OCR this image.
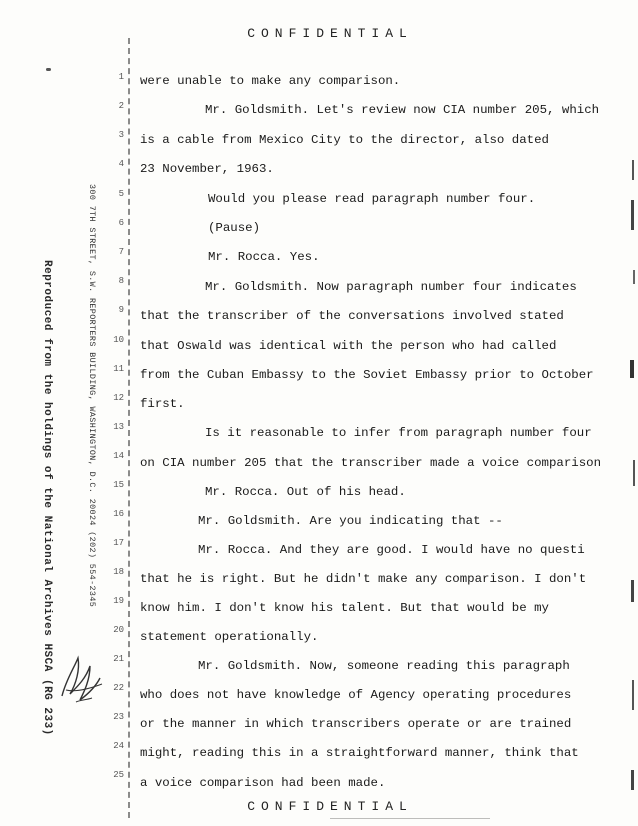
CONFIDENTIAL
Reproduced from the holdings of the National Archives HSCA (RG 233)	300 7TH STREET, S.W. REPORTERS BUILDING, WASHINGTON, D.C. 20024 (202) 554-2345
1 were unable to make any comparison.
2	Mr. Goldsmith. Let's review now CIA number 205, which
3 is a cable from Mexico City to the director, also dated
4 23 November, 1963.
5	Would you please read paragraph number four.
6	(Pause)
7	Mr. Rocca. Yes.
8	Mr. Goldsmith. Now paragraph number four indicates
9 that the transcriber of the conversations involved stated
10 that Oswald was identical with the person who had called
11 from the Cuban Embassy to the Soviet Embassy prior to October
12 first.
13	Is it reasonable to infer from paragraph number four
14 on CIA number 205 that the transcriber made a voice comparison
15	Mr. Rocca. Out of his head.
16	Mr. Goldsmith. Are you indicating that --
17	Mr. Rocca. And they are good. I would have no questi
18 that he is right. But he didn't make any comparison. I don't
19 know him. I don't know his talent. But that would be my
20 statement operationally.
21	Mr. Goldsmith. Now, someone reading this paragraph
22 who does not have knowledge of Agency operating procedures
23 or the manner in which transcribers operate or are trained
24 might, reading this in a straightforward manner, think that
25
a voice comparison had been made.
CONFIDENTIAL
